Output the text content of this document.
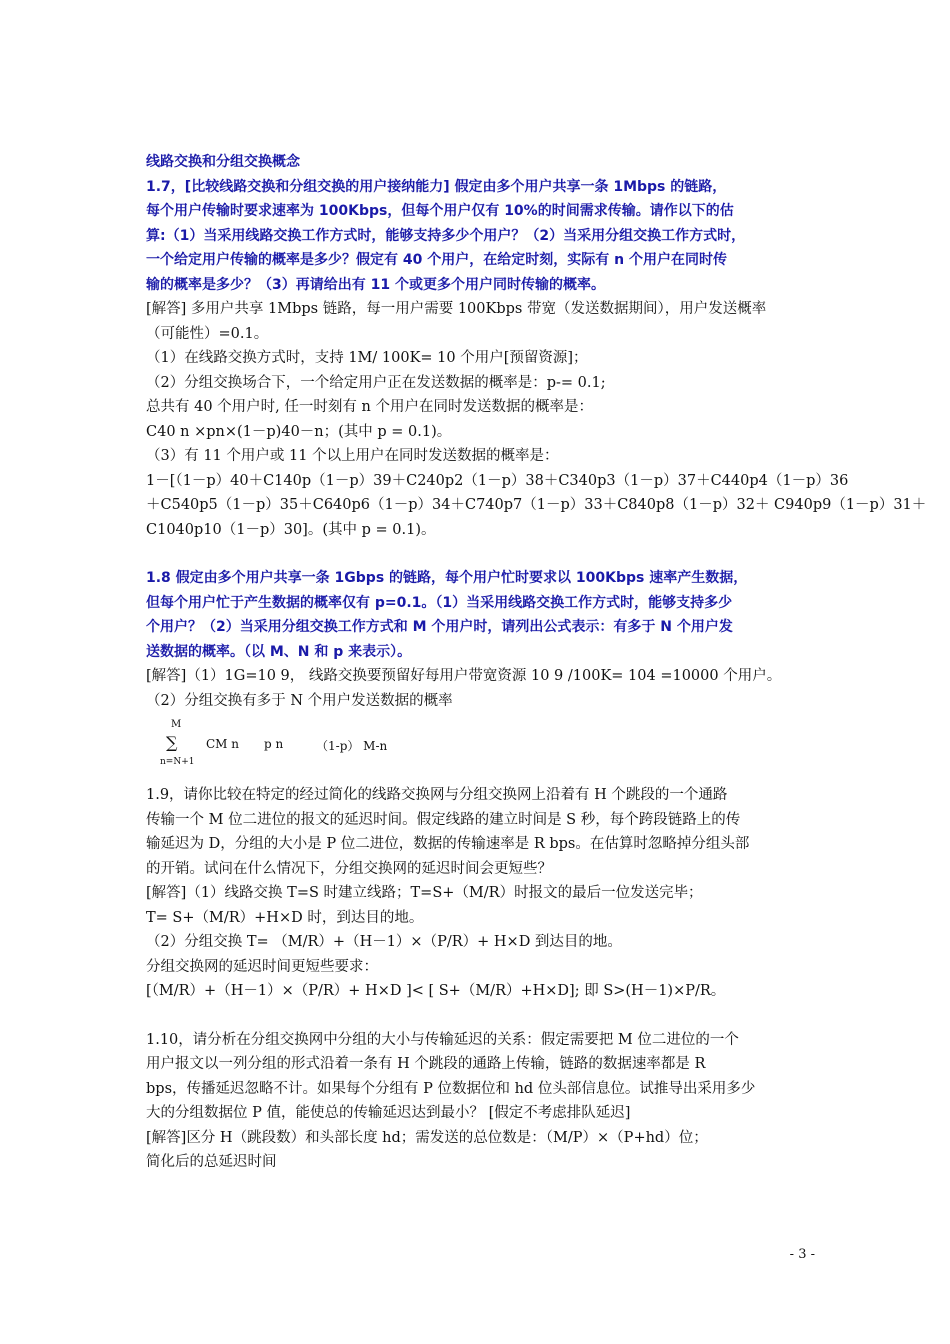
线路交换和分组交换概念
1.7，[比较线路交换和分组交换的用户接纳能力] 假定由多个用户共享一条 1Mbps 的链路，
每个用户传输时要求速率为 100Kbps，但每个用户仅有 10%的时间需求传输。请作以下的估
算:（1）当采用线路交换工作方式时，能够支持多少个用户？（2）当采用分组交换工作方式时，
一个给定用户传输的概率是多少？假定有 40 个用户，在给定时刻，实际有 n 个用户在同时传
输的概率是多少？（3）再请给出有 11 个或更多个用户同时传输的概率。
[解答] 多用户共享 1Mbps 链路，每一用户需要 100Kbps 带宽（发送数据期间），用户发送概率
（可能性）=0.1。
（1）在线路交换方式时，支持 1M/ 100K= 10 个用户[预留资源]；
（2）分组交换场合下，一个给定用户正在发送数据的概率是：p-= 0.1;
总共有 40 个用户时, 任一时刻有 n 个用户在同时发送数据的概率是：
C40 n ×pn×(1－p)40－n；(其中 p = 0.1)。
（3）有 11 个用户或 11 个以上用户在同时发送数据的概率是：
1－[（1－p）40＋C140p（1－p）39＋C240p2（1－p）38＋C340p3（1－p）37＋C440p4（1－p）36
＋C540p5（1－p）35＋C640p6（1－p）34＋C740p7（1－p）33＋C840p8（1－p）32＋ C940p9（1－p）31＋
C1040p10（1－p）30]。(其中 p = 0.1)。
1.8 假定由多个用户共享一条 1Gbps 的链路，每个用户忙时要求以 100Kbps 速率产生数据，
但每个用户忙于产生数据的概率仅有 p=0.1。（1）当采用线路交换工作方式时，能够支持多少
个用户？（2）当采用分组交换工作方式和 M 个用户时，请列出公式表示：有多于 N 个用户发
送数据的概率。（以 M、N 和 p 来表示）。
[解答]（1）1G=10 9， 线路交换要预留好每用户带宽资源 10 9 /100K= 104 =10000 个用户。
（2）分组交换有多于 N 个用户发送数据的概率
M
∑
n=N+1
CM n p n	（1-p） M-n
1.9，请你比较在特定的经过简化的线路交换网与分组交换网上沿着有 H 个跳段的一个通路
传输一个 M 位二进位的报文的延迟时间。假定线路的建立时间是 S 秒，每个跨段链路上的传
输延迟为 D，分组的大小是 P 位二进位，数据的传输速率是 R bps。在估算时忽略掉分组头部
的开销。试问在什么情况下，分组交换网的延迟时间会更短些？
[解答]（1）线路交换 T=S 时建立线路；T=S+（M/R）时报文的最后一位发送完毕；
T= S+（M/R）+H×D 时，到达目的地。
（2）分组交换 T= （M/R）+（H－1）×（P/R）+ H×D 到达目的地。
分组交换网的延迟时间更短些要求：
[（M/R）+（H－1）×（P/R）+ H×D ]< [ S+（M/R）+H×D]; 即 S>(H－1)×P/R。
1.10，请分析在分组交换网中分组的大小与传输延迟的关系：假定需要把 M 位二进位的一个
用户报文以一列分组的形式沿着一条有 H 个跳段的通路上传输，链路的数据速率都是 R
bps，传播延迟忽略不计。如果每个分组有 P 位数据位和 hd 位头部信息位。试推导出采用多少
大的分组数据位 P 值，能使总的传输延迟达到最小？ [假定不考虑排队延迟]
[解答]区分 H（跳段数）和头部长度 hd；需发送的总位数是：（M/P）×（P+hd）位；
简化后的总延迟时间
- 3 -
